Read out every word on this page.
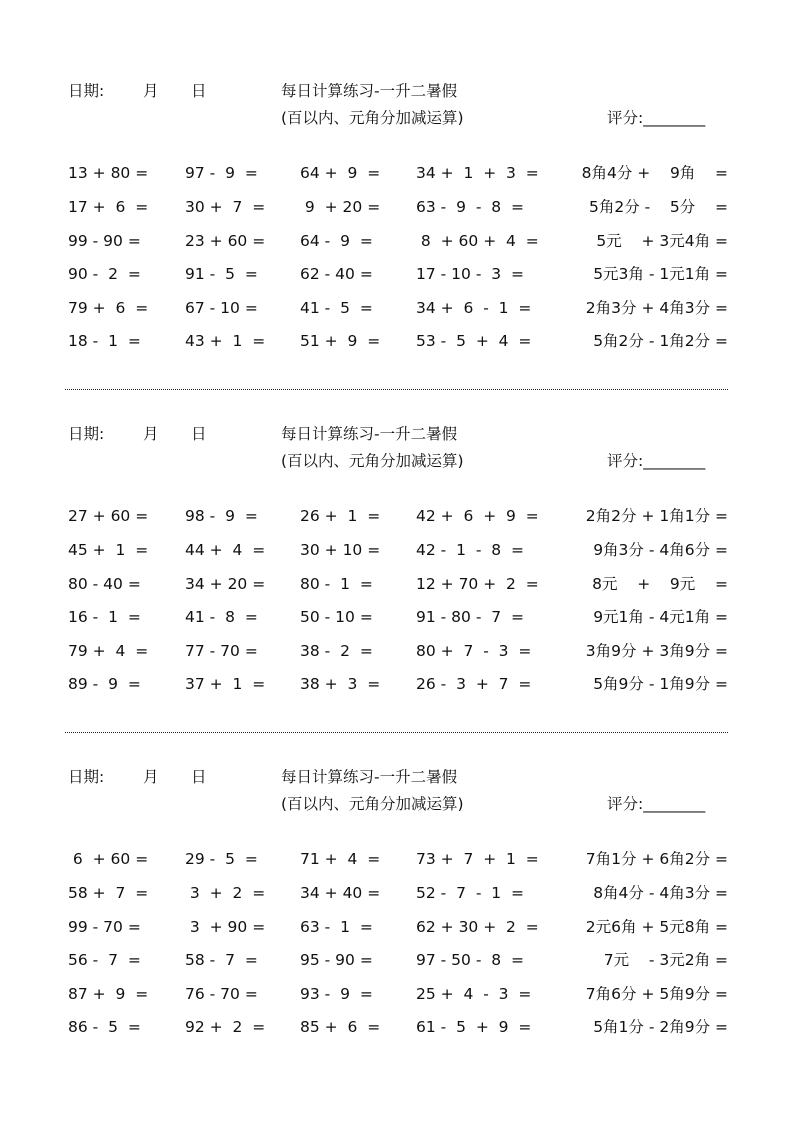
日期:	月 日	每日计算练习-一升二暑假
(百以内、元角分加减运算)	评分:________
13 + 80 = 97 -  9  =	64 +  9  = 34 +  1  +  3  =	8角4分 +    9角    =
17 +  6  = 30 +  7  = 9  + 20 = 63 -  9  -  8  =	5角2分 -    5分    =
99 - 90 =	23 + 60 = 64 -  9  =	8  + 60 +  4  =	5元    + 3元4角 =
90 -  2  =	91 -  5  =	62 - 40 =	17 - 10 -  3  =	5元3角 - 1元1角 =
79 +  6  = 67 - 10 =	41 -  5  =	34 +  6  -  1  =	2角3分 + 4角3分 =
18 -  1  =	43 +  1  = 51 +  9  = 53 -  5  +  4  =	5角2分 - 1角2分 =
日期:	月 日	每日计算练习-一升二暑假
(百以内、元角分加减运算)	评分:________
27 + 60 = 98 -  9  =	26 +  1  = 42 +  6  +  9  =	2角2分 + 1角1分 =
45 +  1  = 44 +  4  = 30 + 10 = 42 -  1  -  8  =	9角3分 - 4角6分 =
80 - 40 =	34 + 20 = 80 -  1  =	12 + 70 +  2  =	8元    +    9元    =
16 -  1  =	41 -  8  =	50 - 10 =	91 - 80 -  7  =	9元1角 - 4元1角 =
79 +  4  = 77 - 70 =	38 -  2  =	80 +  7  -  3  =	3角9分 + 3角9分 =
89 -  9  =	37 +  1  = 38 +  3  = 26 -  3  +  7  =	5角9分 - 1角9分 =
日期:	月 日	每日计算练习-一升二暑假
(百以内、元角分加减运算)	评分:________
6  + 60 = 29 -  5  =	71 +  4  = 73 +  7  +  1  =	7角1分 + 6角2分 =
58 +  7  = 3  +  2  = 34 + 40 = 52 -  7  -  1  =	8角4分 - 4角3分 =
99 - 70 =	3  + 90 = 63 -  1  =	62 + 30 +  2  =	2元6角 + 5元8角 =
56 -  7  =	58 -  7  =	95 - 90 =	97 - 50 -  8  =	7元    - 3元2角 =
87 +  9  = 76 - 70 =	93 -  9  =	25 +  4  -  3  =	7角6分 + 5角9分 =
86 -  5  =	92 +  2  = 85 +  6  = 61 -  5  +  9  =	5角1分 - 2角9分 =
